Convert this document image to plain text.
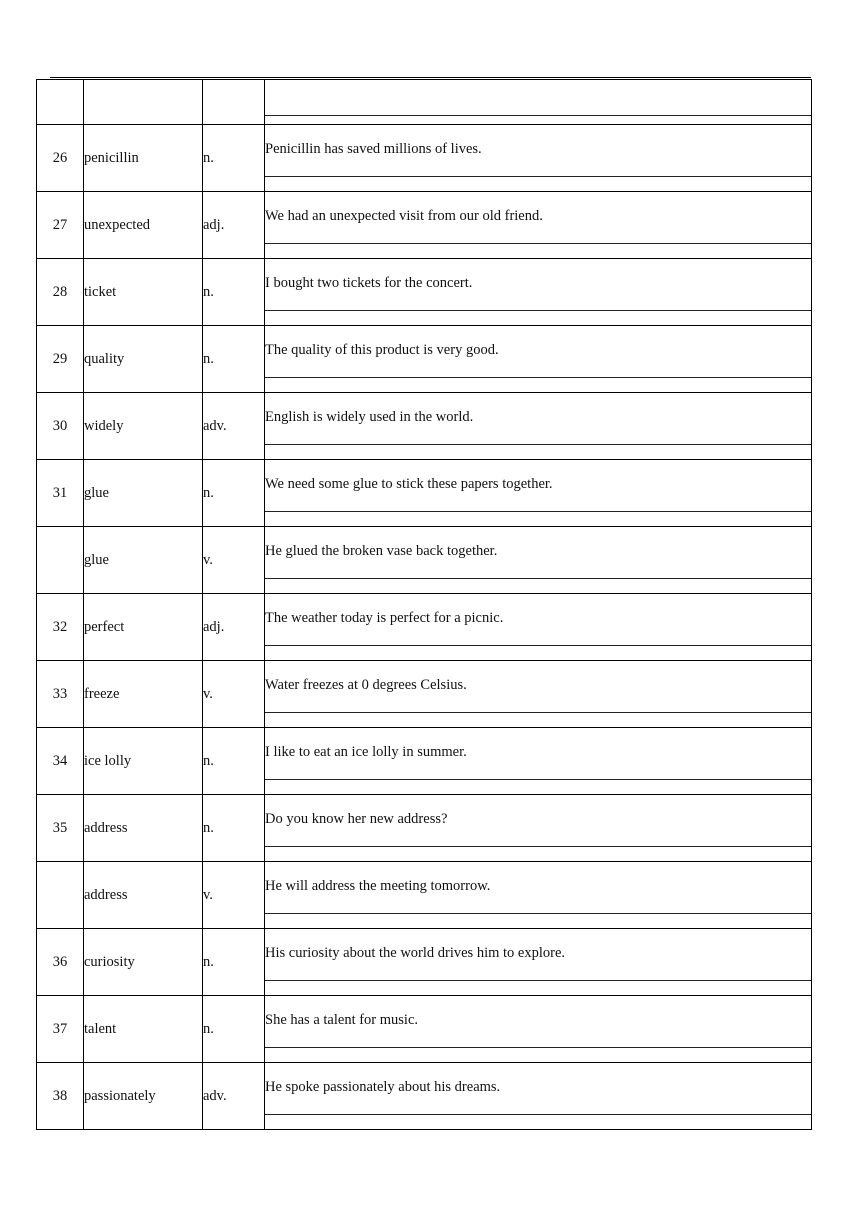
26	penicillin	n.	Penicillin has saved millions of lives.

27	unexpected	adj.	We had an unexpected visit from our old friend.

28	ticket	n.	I bought two tickets for the concert.

29	quality	n.	The quality of this product is very good.

30	widely	adv.	English is widely used in the world.

31	glue	n.	We need some glue to stick these papers together.

	glue	v.	He glued the broken vase back together.

32	perfect	adj.	The weather today is perfect for a picnic.

33	freeze	v.	Water freezes at 0 degrees Celsius.

34	ice lolly	n.	I like to eat an ice lolly in summer.

35	address	n.	Do you know her new address?

	address	v.	He will address the meeting tomorrow.

36	curiosity	n.	His curiosity about the world drives him to explore.

37	talent	n.	She has a talent for music.

38	passionately	adv.	He spoke passionately about his dreams.
